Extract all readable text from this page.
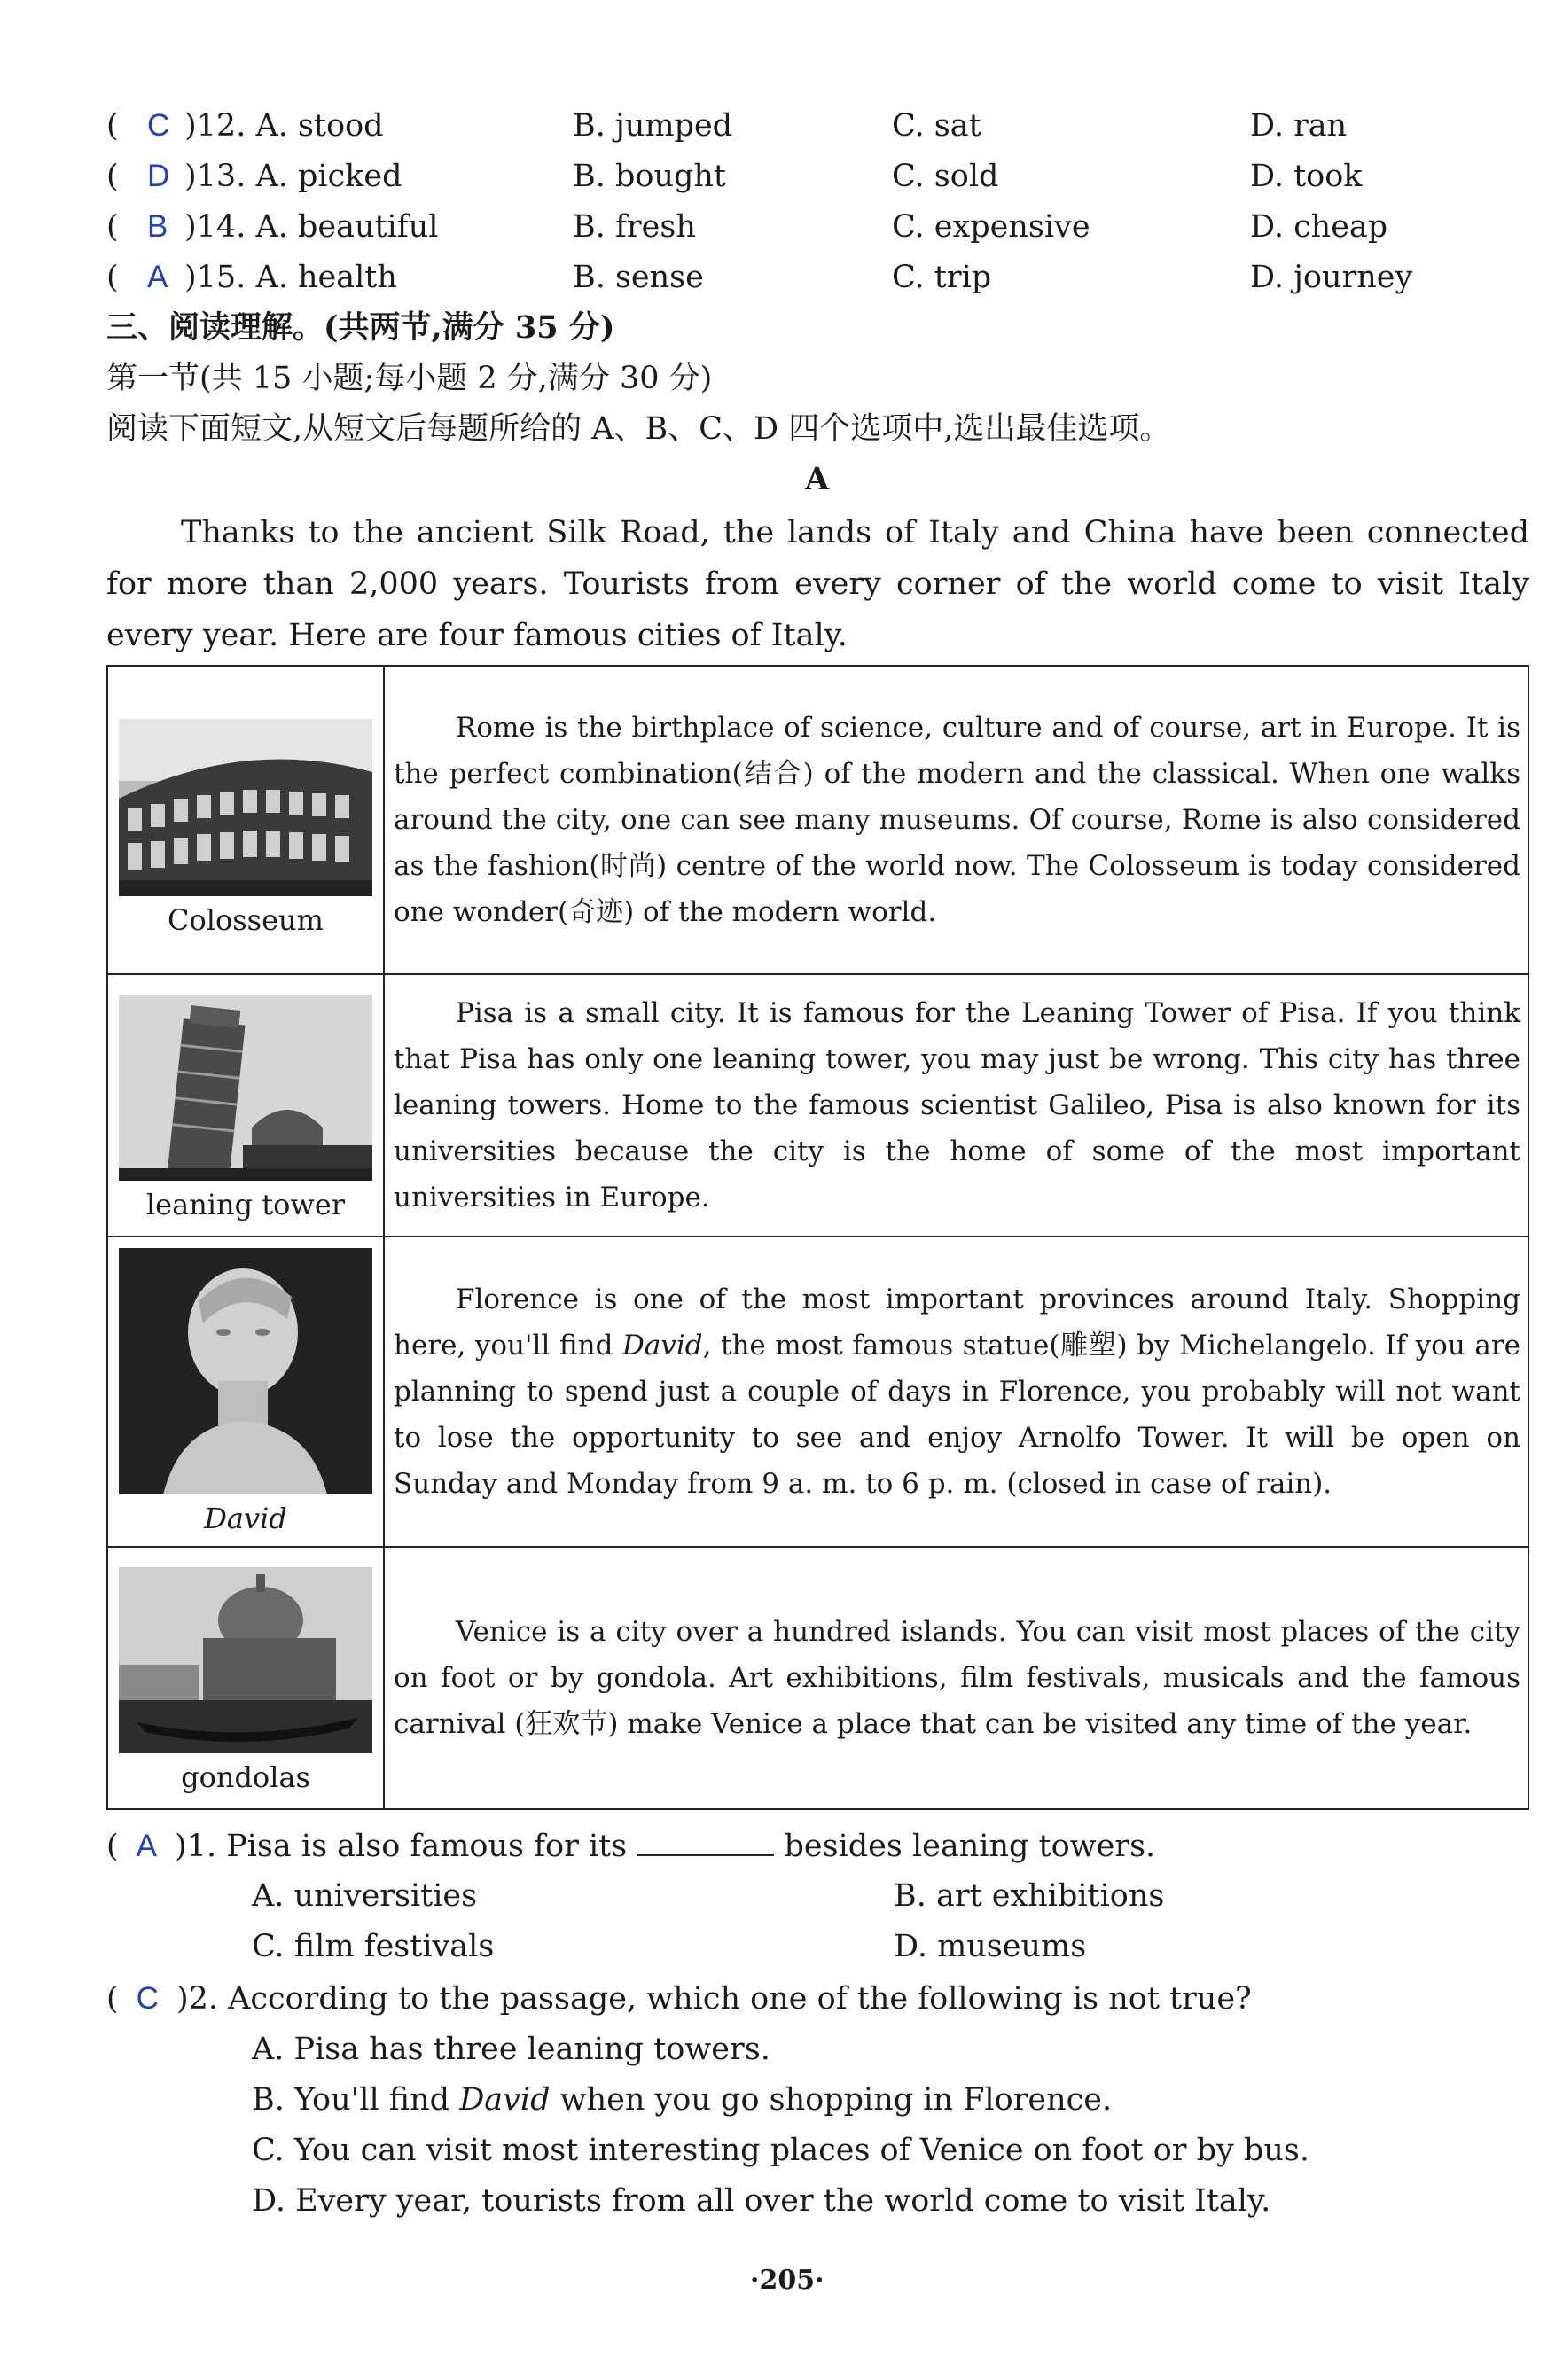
( C )12. A. stood	B. jumped	C. sat	D. ran
( D )13. A. picked	B. bought	C. sold	D. took
( B )14. A. beautiful	B. fresh	C. expensive	D. cheap
( A )15. A. health	B. sense	C. trip	D. journey
三、阅读理解。(共两节,满分 35 分)
第一节(共 15 小题;每小题 2 分,满分 30 分)
阅读下面短文,从短文后每题所给的 A、B、C、D 四个选项中,选出最佳选项。
A
Thanks to the ancient Silk Road, the lands of Italy and China have been connected for more than 2,000 years. Tourists from every corner of the world come to visit Italy every year. Here are four famous cities of Italy.
Colosseum	Rome is the birthplace of science, culture and of course, art in Europe. It is the perfect combination(结合) of the modern and the classical. When one walks around the city, one can see many museums. Of course, Rome is also considered as the fashion(时尚) centre of the world now. The Colosseum is today considered one wonder(奇迹) of the modern world.

leaning tower	Pisa is a small city. It is famous for the Leaning Tower of Pisa. If you think that Pisa has only one leaning tower, you may just be wrong. This city has three leaning towers. Home to the famous scientist Galileo, Pisa is also known for its universities because the city is the home of some of the most important universities in Europe.

David	Florence is one of the most important provinces around Italy. Shopping here, you'll find David, the most famous statue(雕塑) by Michelangelo. If you are planning to spend just a couple of days in Florence, you probably will not want to lose the opportunity to see and enjoy Arnolfo Tower. It will be open on Sunday and Monday from 9 a. m. to 6 p. m. (closed in case of rain).

gondolas	Venice is a city over a hundred islands. You can visit most places of the city on foot or by gondola. Art exhibitions, film festivals, musicals and the famous carnival (狂欢节) make Venice a place that can be visited any time of the year.

( A )1. Pisa is also famous for its	besides leaning towers.
A. universities	B. art exhibitions
C. film festivals	D. museums
( C )2. According to the passage, which one of the following is not true?
A. Pisa has three leaning towers.
B. You'll find David when you go shopping in Florence.
C. You can visit most interesting places of Venice on foot or by bus.
D. Every year, tourists from all over the world come to visit Italy.
·205·
